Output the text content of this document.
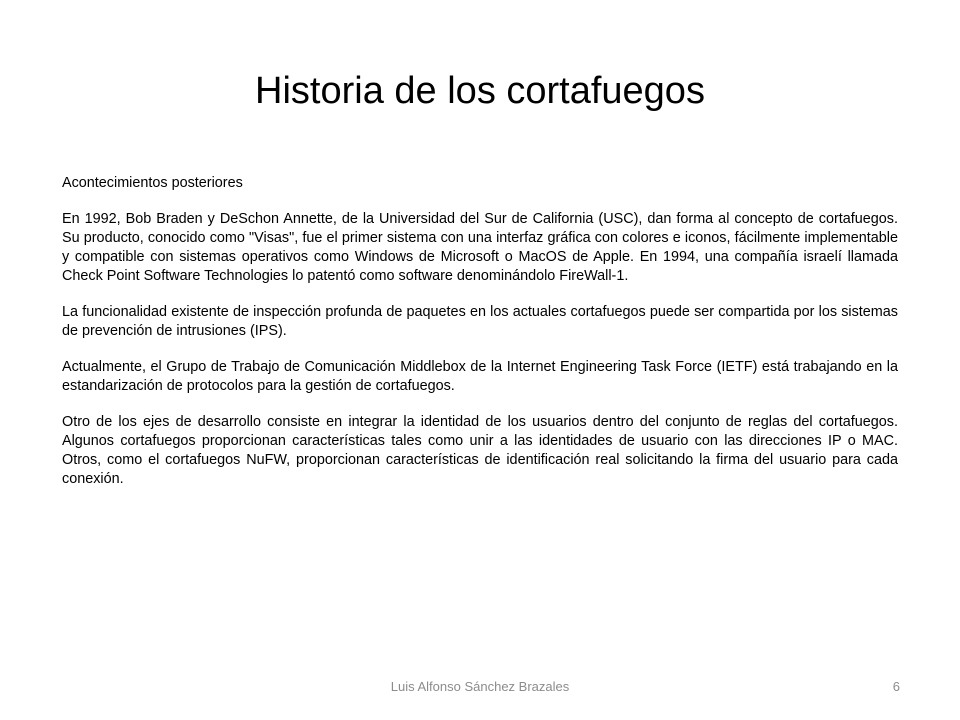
Historia de los cortafuegos

Acontecimientos posteriores

En 1992, Bob Braden y DeSchon Annette, de la Universidad del Sur de California (USC), dan forma al concepto de cortafuegos. Su producto, conocido como "Visas", fue el primer sistema con una interfaz gráfica con colores e iconos, fácilmente implementable y compatible con sistemas operativos como Windows de Microsoft o MacOS de Apple. En 1994, una compañía israelí llamada Check Point Software Technologies lo patentó como software denominándolo FireWall-1.

La funcionalidad existente de inspección profunda de paquetes en los actuales cortafuegos puede ser compartida por los sistemas de prevención de intrusiones (IPS).

Actualmente, el Grupo de Trabajo de Comunicación Middlebox de la Internet Engineering Task Force (IETF) está trabajando en la estandarización de protocolos para la gestión de cortafuegos.

Otro de los ejes de desarrollo consiste en integrar la identidad de los usuarios dentro del conjunto de reglas del cortafuegos. Algunos cortafuegos proporcionan características tales como unir a las identidades de usuario con las direcciones IP o MAC. Otros, como el cortafuegos NuFW, proporcionan características de identificación real solicitando la firma del usuario para cada conexión.

Luis Alfonso Sánchez Brazales	6
